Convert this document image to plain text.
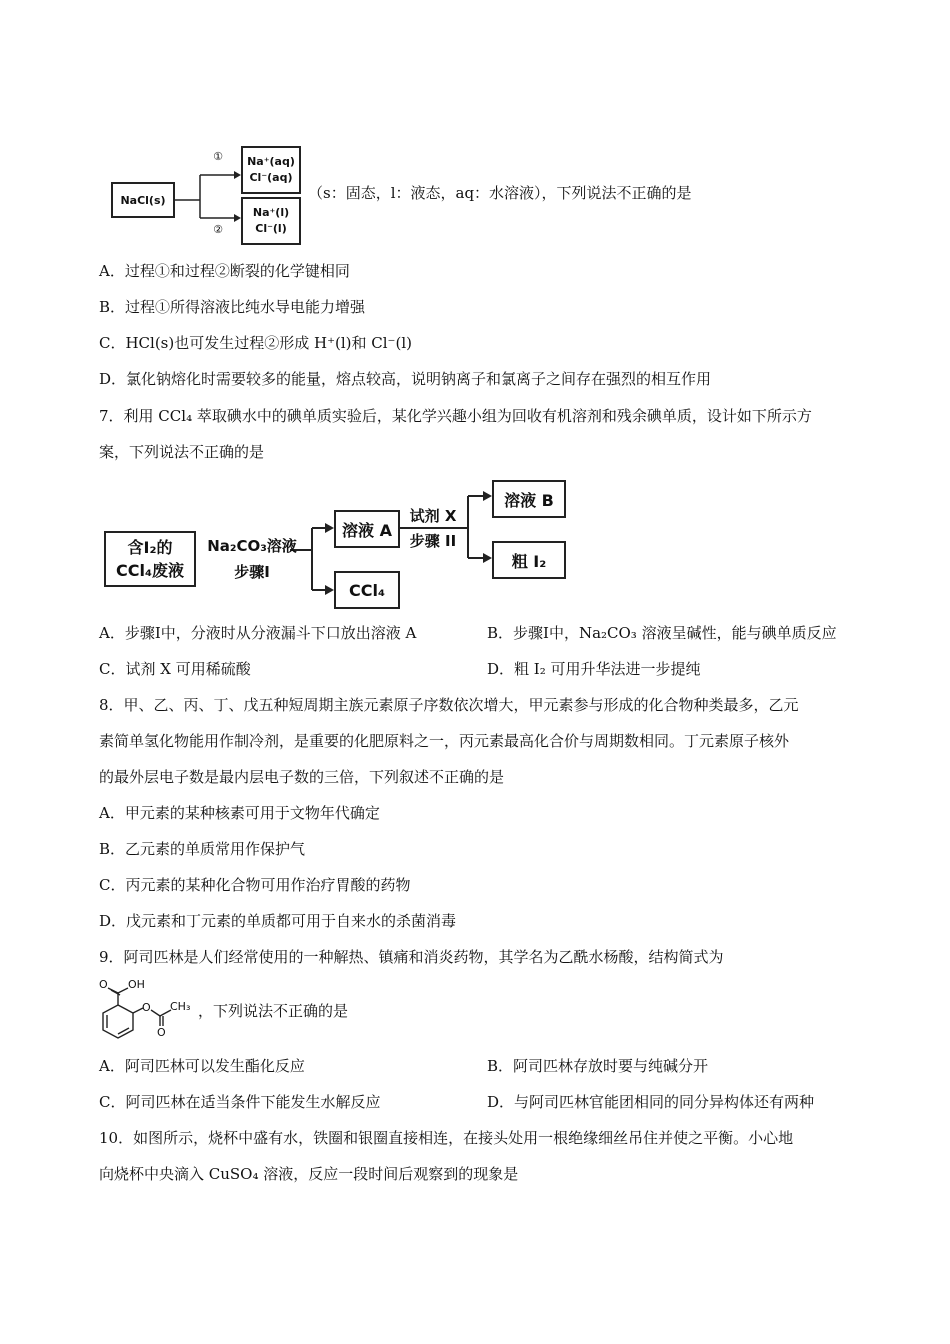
NaCl(s)
①
②
Na⁺(aq)
Cl⁻(aq)
Na⁺(l)
Cl⁻(l)
（s：固态，l：液态，aq：水溶液），下列说法不正确的是
A．过程①和过程②断裂的化学键相同
B．过程①所得溶液比纯水导电能力增强
C．HCl(s)也可发生过程②形成 H⁺(l)和 Cl⁻(l)
D．氯化钠熔化时需要较多的能量，熔点较高，说明钠离子和氯离子之间存在强烈的相互作用
7．利用 CCl₄ 萃取碘水中的碘单质实验后，某化学兴趣小组为回收有机溶剂和残余碘单质，设计如下所示方
案，下列说法不正确的是
含I₂的
CCl₄废液
Na₂CO₃溶液
步骤I
溶液 A
CCl₄
试剂 X
步骤 II
溶液 B
粗 I₂
A．步骤I中，分液时从分液漏斗下口放出溶液 A	B．步骤I中，Na₂CO₃ 溶液呈碱性，能与碘单质反应
C．试剂 X 可用稀硫酸	D．粗 I₂ 可用升华法进一步提纯
8．甲、乙、丙、丁、戊五种短周期主族元素原子序数依次增大，甲元素参与形成的化合物种类最多，乙元
素简单氢化物能用作制冷剂，是重要的化肥原料之一，丙元素最高化合价与周期数相同。丁元素原子核外
的最外层电子数是最内层电子数的三倍，下列叙述不正确的是
A．甲元素的某种核素可用于文物年代确定
B．乙元素的单质常用作保护气
C．丙元素的某种化合物可用作治疗胃酸的药物
D．戊元素和丁元素的单质都可用于自来水的杀菌消毒
9．阿司匹林是人们经常使用的一种解热、镇痛和消炎药物，其学名为乙酰水杨酸，结构简式为
O OH
O CH₃
O
，下列说法不正确的是
A．阿司匹林可以发生酯化反应	B．阿司匹林存放时要与纯碱分开
C．阿司匹林在适当条件下能发生水解反应	D．与阿司匹林官能团相同的同分异构体还有两种
10．如图所示，烧杯中盛有水，铁圈和银圈直接相连，在接头处用一根绝缘细丝吊住并使之平衡。小心地
向烧杯中央滴入 CuSO₄ 溶液，反应一段时间后观察到的现象是
